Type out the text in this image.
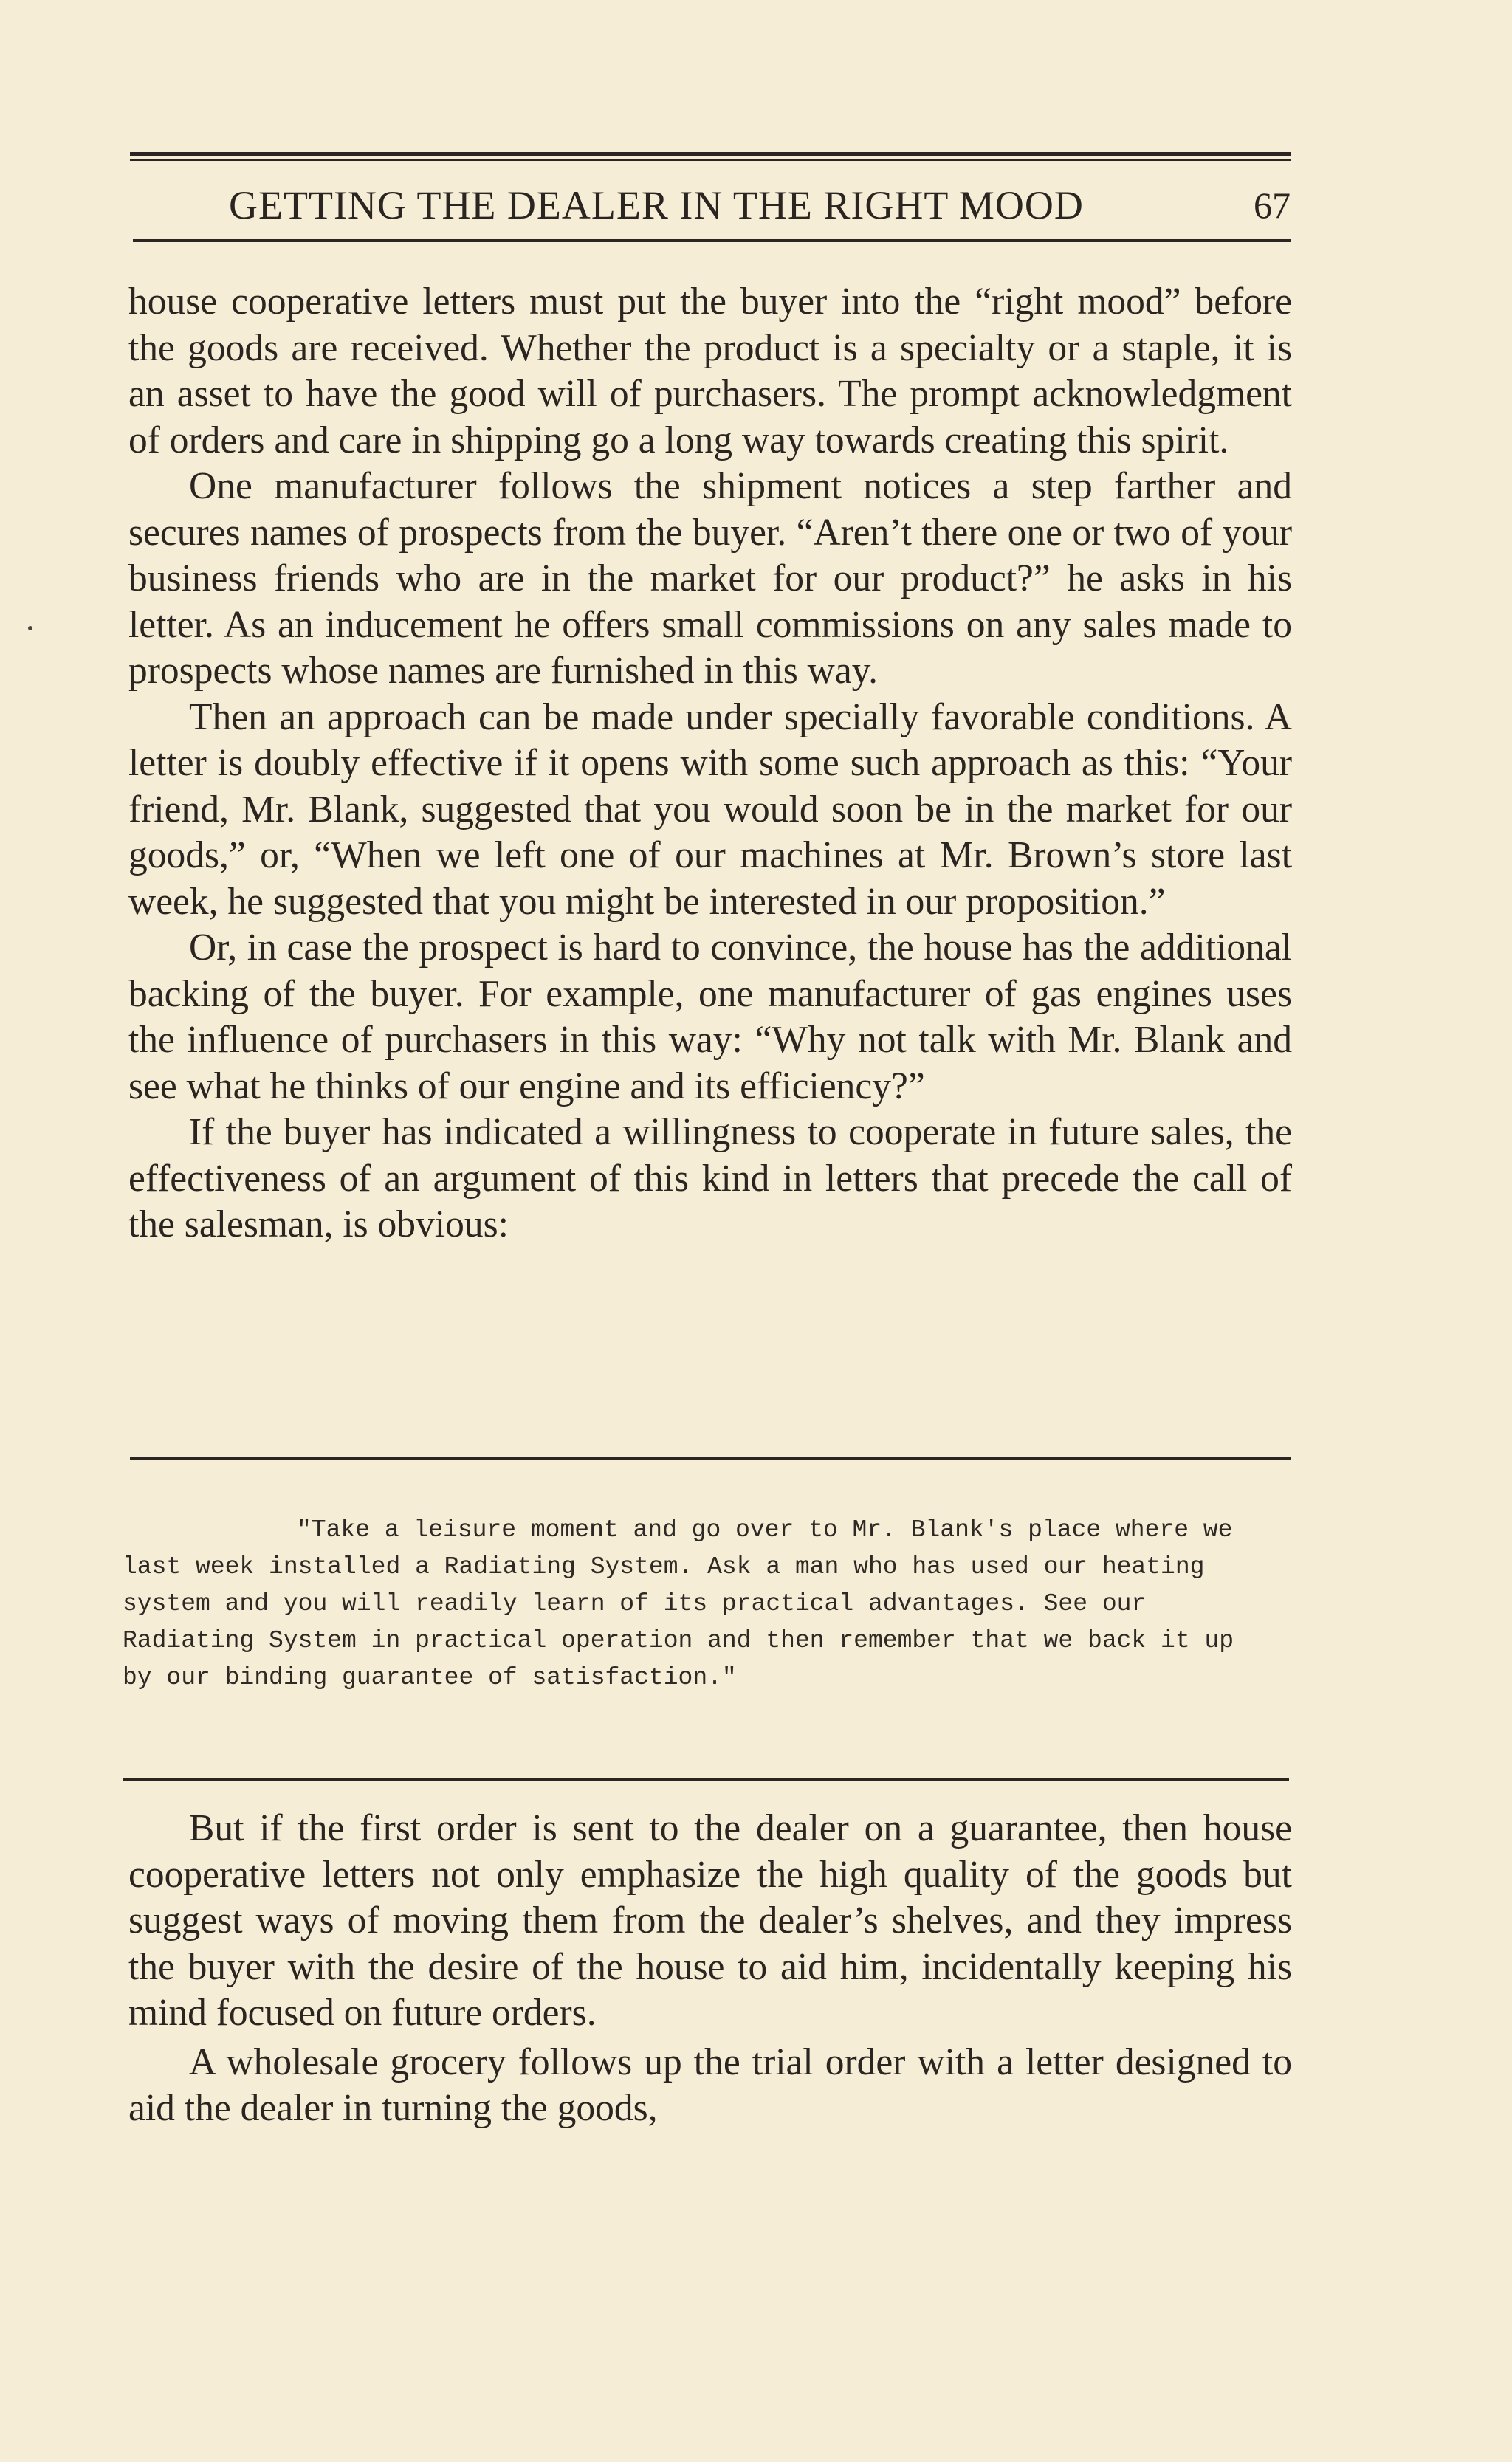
GETTING THE DEALER IN THE RIGHT MOOD	67

house cooperative letters must put the buyer into the “right mood” before the goods are received. Whether the product is a specialty or a staple, it is an asset to have the good will of purchasers. The prompt acknowledgment of orders and care in shipping go a long way towards creating this spirit.

One manufacturer follows the shipment notices a step farther and secures names of prospects from the buyer. “Aren’t there one or two of your business friends who are in the market for our product?” he asks in his letter. As an inducement he offers small commissions on any sales made to prospects whose names are furnished in this way.

Then an approach can be made under specially favorable conditions. A letter is doubly effective if it opens with some such approach as this: “Your friend, Mr. Blank, suggested that you would soon be in the market for our goods,” or, “When we left one of our machines at Mr. Brown’s store last week, he suggested that you might be interested in our proposition.”

Or, in case the prospect is hard to convince, the house has the additional backing of the buyer. For example, one manufacturer of gas engines uses the influence of purchasers in this way: “Why not talk with Mr. Blank and see what he thinks of our engine and its efficiency?”

If the buyer has indicated a willingness to cooperate in future sales, the effectiveness of an argument of this kind in letters that precede the call of the salesman, is obvious:

"Take a leisure moment and go over to Mr. Blank's place where we last week installed a Radiating System. Ask a man who has used our heating system and you will readily learn of its practical advantages. See our Radiating System in practical operation and then remember that we back it up by our binding guarantee of satisfaction."

But if the first order is sent to the dealer on a guarantee, then house cooperative letters not only emphasize the high quality of the goods but suggest ways of moving them from the dealer’s shelves, and they impress the buyer with the desire of the house to aid him, incidentally keeping his mind focused on future orders.

A wholesale grocery follows up the trial order with a letter designed to aid the dealer in turning the goods,
